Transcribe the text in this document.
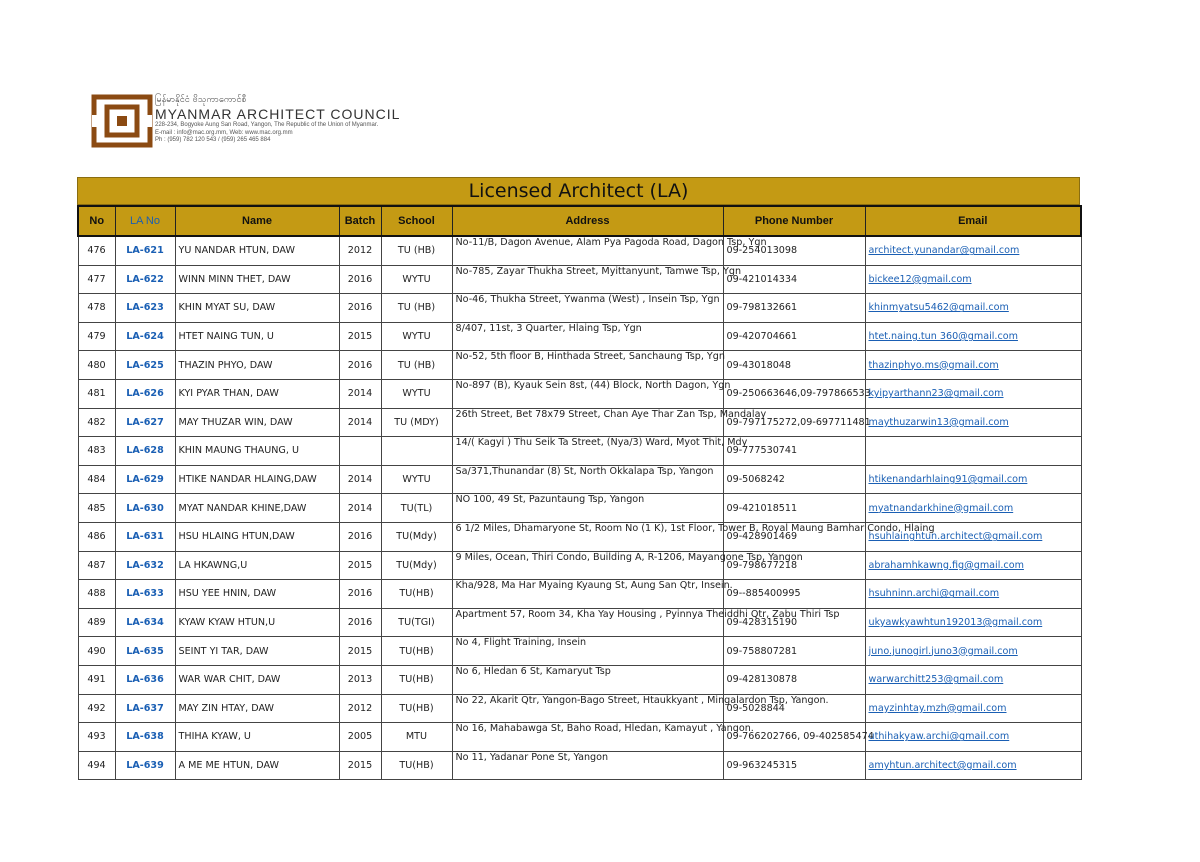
မြန်မာနိုင်ငံ ဗိသုကာကောင်စီ
MYANMAR ARCHITECT COUNCIL
228-234, Bogyoke Aung San Road, Yangon, The Republic of the Union of Myanmar.
E-mail : info@mac.org.mm, Web: www.mac.org.mm
Ph : (959) 782 120 543 / (959) 265 465 884
Licensed Architect (LA)
No	LA No	Name	Batch	School	Address	Phone Number	Email
476	LA-621	YU NANDAR HTUN, DAW	2012	TU (HB)	No-11/B, Dagon Avenue, Alam Pya Pagoda Road, Dagon Tsp, Ygn	09-254013098	architect.yunandar@gmail.com
477	LA-622	WINN MINN THET, DAW	2016	WYTU	No-785, Zayar Thukha Street, Myittanyunt, Tamwe Tsp, Ygn	09-421014334	bickee12@gmail.com
478	LA-623	KHIN MYAT SU, DAW	2016	TU (HB)	No-46, Thukha Street, Ywanma (West) , Insein Tsp, Ygn	09-798132661	khinmyatsu5462@gmail.com
479	LA-624	HTET NAING TUN, U	2015	WYTU	8/407, 11st, 3 Quarter, Hlaing Tsp, Ygn	09-420704661	htet.naing.tun 360@gmail.com
480	LA-625	THAZIN PHYO, DAW	2016	TU (HB)	No-52, 5th floor B, Hinthada Street, Sanchaung Tsp, Ygn	09-43018048	thazinphyo.ms@gmail.com
481	LA-626	KYI PYAR THAN, DAW	2014	WYTU	No-897 (B), Kyauk Sein 8st, (44) Block, North Dagon, Ygn	09-250663646,09-797866533	kyipyarthann23@gmail.com
482	LA-627	MAY THUZAR WIN, DAW	2014	TU (MDY)	26th Street, Bet 78x79 Street, Chan Aye Thar Zan Tsp, Mandalay	09-797175272,09-697711481	maythuzarwin13@gmail.com
483	LA-628	KHIN MAUNG THAUNG, U			14/( Kagyi ) Thu Seik Ta Street, (Nya/3) Ward, Myot Thit, Mdy	09-777530741	
484	LA-629	HTIKE NANDAR HLAING,DAW	2014	WYTU	Sa/371,Thunandar (8) St, North Okkalapa Tsp, Yangon	09-5068242	htikenandarhlaing91@gmail.com
485	LA-630	MYAT NANDAR KHINE,DAW	2014	TU(TL)	NO 100, 49 St, Pazuntaung Tsp, Yangon	09-421018511	myatnandarkhine@gmail.com
486	LA-631	HSU HLAING HTUN,DAW	2016	TU(Mdy)	6 1/2 Miles, Dhamaryone St, Room No (1 K), 1st Floor, Tower B, Royal Maung Bamhar Condo, Hlaing	09-428901469	hsuhlainghtun.architect@gmail.com
487	LA-632	LA HKAWNG,U	2015	TU(Mdy)	9 Miles, Ocean, Thiri Condo, Building A, R-1206, Mayangone Tsp, Yangon	09-798677218	abrahamhkawng.fig@gmail.com
488	LA-633	HSU YEE HNIN, DAW	2016	TU(HB)	Kha/928, Ma Har Myaing Kyaung St, Aung San Qtr, Insein.	09--885400995	hsuhninn.archi@gmail.com
489	LA-634	KYAW KYAW HTUN,U	2016	TU(TGI)	Apartment 57, Room 34, Kha Yay Housing , Pyinnya Theiddhi Qtr, Zabu Thiri Tsp	09-428315190	ukyawkyawhtun192013@gmail.com
490	LA-635	SEINT YI TAR, DAW	2015	TU(HB)	No 4, Flight Training, Insein	09-758807281	juno.junogirl.juno3@gmail.com
491	LA-636	WAR WAR CHIT, DAW	2013	TU(HB)	No 6, Hledan 6 St, Kamaryut Tsp	09-428130878	warwarchitt253@gmail.com
492	LA-637	MAY ZIN HTAY, DAW	2012	TU(HB)	No 22, Akarit Qtr, Yangon-Bago Street, Htaukkyant , Mingalardon Tsp, Yangon.	09-5028844	mayzinhtay.mzh@gmail.com
493	LA-638	THIHA KYAW, U	2005	MTU	No 16, Mahabawga St, Baho Road, Hledan, Kamayut , Yangon.	09-766202766, 09-402585474	uthihakyaw.archi@gmail.com
494	LA-639	A ME ME HTUN, DAW	2015	TU(HB)	No 11, Yadanar Pone St, Yangon	09-963245315	amyhtun.architect@gmail.com
